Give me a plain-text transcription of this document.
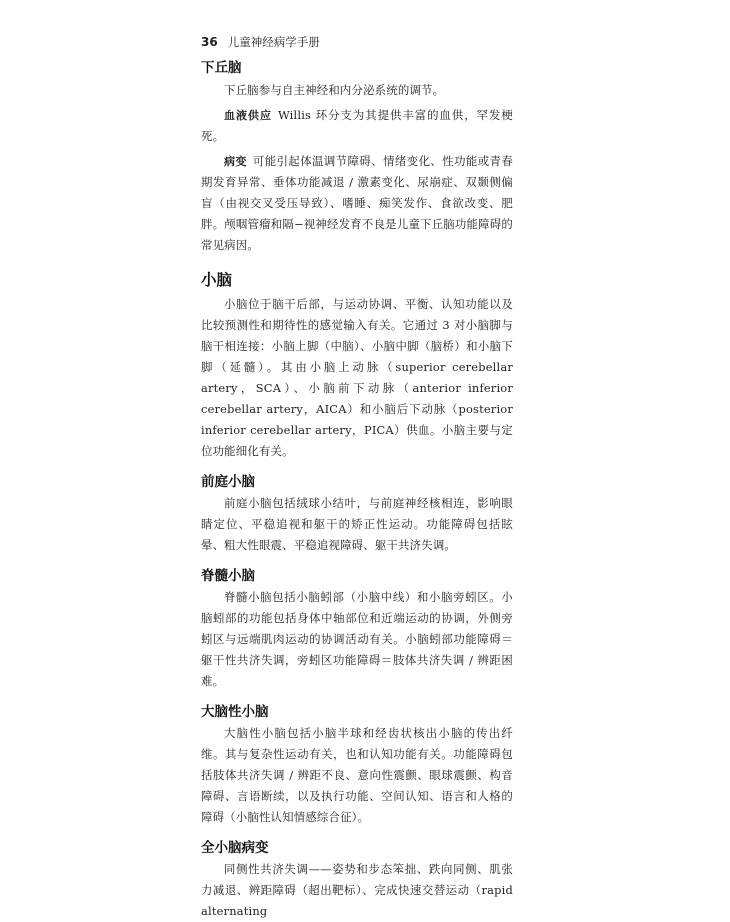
36 儿童神经病学手册
下丘脑

下丘脑参与自主神经和内分泌系统的调节。

血液供应 Willis 环分支为其提供丰富的血供，罕发梗死。

病变 可能引起体温调节障碍、情绪变化、性功能或青春期发育异常、垂体功能减退 / 激素变化、尿崩症、双颞侧偏盲（由视交叉受压导致）、嗜睡、痴笑发作、食欲改变、肥胖。颅咽管瘤和隔−视神经发育不良是儿童下丘脑功能障碍的常见病因。

小脑

小脑位于脑干后部，与运动协调、平衡、认知功能以及比较预测性和期待性的感觉输入有关。它通过 3 对小脑脚与脑干相连接：小脑上脚（中脑）、小脑中脚（脑桥）和小脑下脚（延髓）。其由小脑上动脉（superior cerebellar artery，SCA）、小脑前下动脉（anterior inferior cerebellar artery，AICA）和小脑后下动脉（posterior inferior cerebellar artery，PICA）供血。小脑主要与定位功能细化有关。

前庭小脑

前庭小脑包括绒球小结叶，与前庭神经核相连，影响眼睛定位、平稳追视和躯干的矫正性运动。功能障碍包括眩晕、粗大性眼震、平稳追视障碍、躯干共济失调。

脊髓小脑

脊髓小脑包括小脑蚓部（小脑中线）和小脑旁蚓区。小脑蚓部的功能包括身体中轴部位和近端运动的协调，外侧旁蚓区与远端肌肉运动的协调活动有关。小脑蚓部功能障碍＝躯干性共济失调，旁蚓区功能障碍＝肢体共济失调 / 辨距困难。

大脑性小脑

大脑性小脑包括小脑半球和经齿状核出小脑的传出纤维。其与复杂性运动有关，也和认知功能有关。功能障碍包括肢体共济失调 / 辨距不良、意向性震颤、眼球震颤、构音障碍、言语断续，以及执行功能、空间认知、语言和人格的障碍（小脑性认知情感综合征）。

全小脑病变

同侧性共济失调——姿势和步态笨拙、跌向同侧、肌张力减退、辨距障碍（超出靶标）、完成快速交替运动（rapid alternating
